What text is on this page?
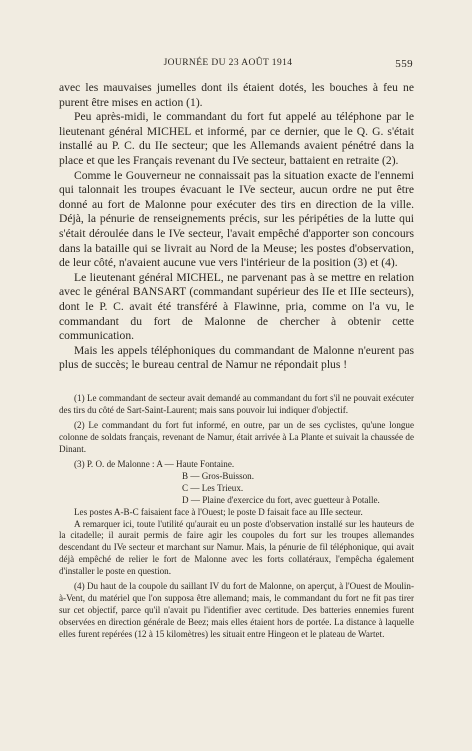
JOURNÉE DU 23 AOÛT 1914	559

avec les mauvaises jumelles dont ils étaient dotés, les bouches à feu ne purent être mises en action (1).

Peu après-midi, le commandant du fort fut appelé au téléphone par le lieutenant général MICHEL et informé, par ce dernier, que le Q. G. s'était installé au P. C. du IIe secteur; que les Allemands avaient pénétré dans la place et que les Français revenant du IVe secteur, battaient en retraite (2).

Comme le Gouverneur ne connaissait pas la situation exacte de l'ennemi qui talonnait les troupes évacuant le IVe secteur, aucun ordre ne put être donné au fort de Malonne pour exécuter des tirs en direction de la ville. Déjà, la pénurie de renseignements précis, sur les péripéties de la lutte qui s'était déroulée dans le IVe secteur, l'avait empêché d'apporter son concours dans la bataille qui se livrait au Nord de la Meuse; les postes d'observation, de leur côté, n'avaient aucune vue vers l'intérieur de la position (3) et (4).

Le lieutenant général MICHEL, ne parvenant pas à se mettre en relation avec le général BANSART (commandant supérieur des IIe et IIIe secteurs), dont le P. C. avait été transféré à Flawinne, pria, comme on l'a vu, le commandant du fort de Malonne de chercher à obtenir cette communication.

Mais les appels téléphoniques du commandant de Malonne n'eurent pas plus de succès; le bureau central de Namur ne répondait plus !

(1) Le commandant de secteur avait demandé au commandant du fort s'il ne pouvait exécuter des tirs du côté de Sart-Saint-Laurent; mais sans pouvoir lui indiquer d'objectif.

(2) Le commandant du fort fut informé, en outre, par un de ses cyclistes, qu'une longue colonne de soldats français, revenant de Namur, était arrivée à La Plante et suivait la chaussée de Dinant.

(3) P. O. de Malonne : A — Haute Fontaine.
B — Gros-Buisson.
C — Les Trieux.
D — Plaine d'exercice du fort, avec guetteur à Potalle.

Les postes A-B-C faisaient face à l'Ouest; le poste D faisait face au IIIe secteur.

A remarquer ici, toute l'utilité qu'aurait eu un poste d'observation installé sur les hauteurs de la citadelle; il aurait permis de faire agir les coupoles du fort sur les troupes allemandes descendant du IVe secteur et marchant sur Namur. Mais, la pénurie de fil téléphonique, qui avait déjà empêché de relier le fort de Malonne avec les forts collatéraux, l'empêcha également d'installer le poste en question.

(4) Du haut de la coupole du saillant IV du fort de Malonne, on aperçut, à l'Ouest de Moulin-à-Vent, du matériel que l'on supposa être allemand; mais, le commandant du fort ne fit pas tirer sur cet objectif, parce qu'il n'avait pu l'identifier avec certitude. Des batteries ennemies furent observées en direction générale de Beez; mais elles étaient hors de portée. La distance à laquelle elles furent repérées (12 à 15 kilomètres) les situait entre Hingeon et le plateau de Wartet.
